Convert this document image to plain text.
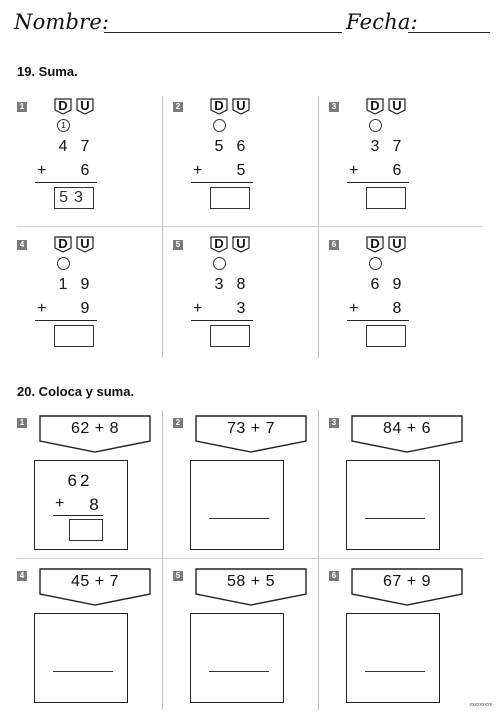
Nombre:	Fecha:
19. Suma.
1	D U
1
4 7
+ 6
53
2	D U
5 6
+ 5
3	D U
3 7
+ 6
4	D U
1 9
+ 9
5	D U
3 8
+ 3
6	D U
6 9
+ 8
20. Coloca y suma.
1	62 + 8
62
+ 8
2	73 + 7	3	84 + 6
4	45 + 7	5	58 + 5	6	67 + 9
xxxxxxxxx
